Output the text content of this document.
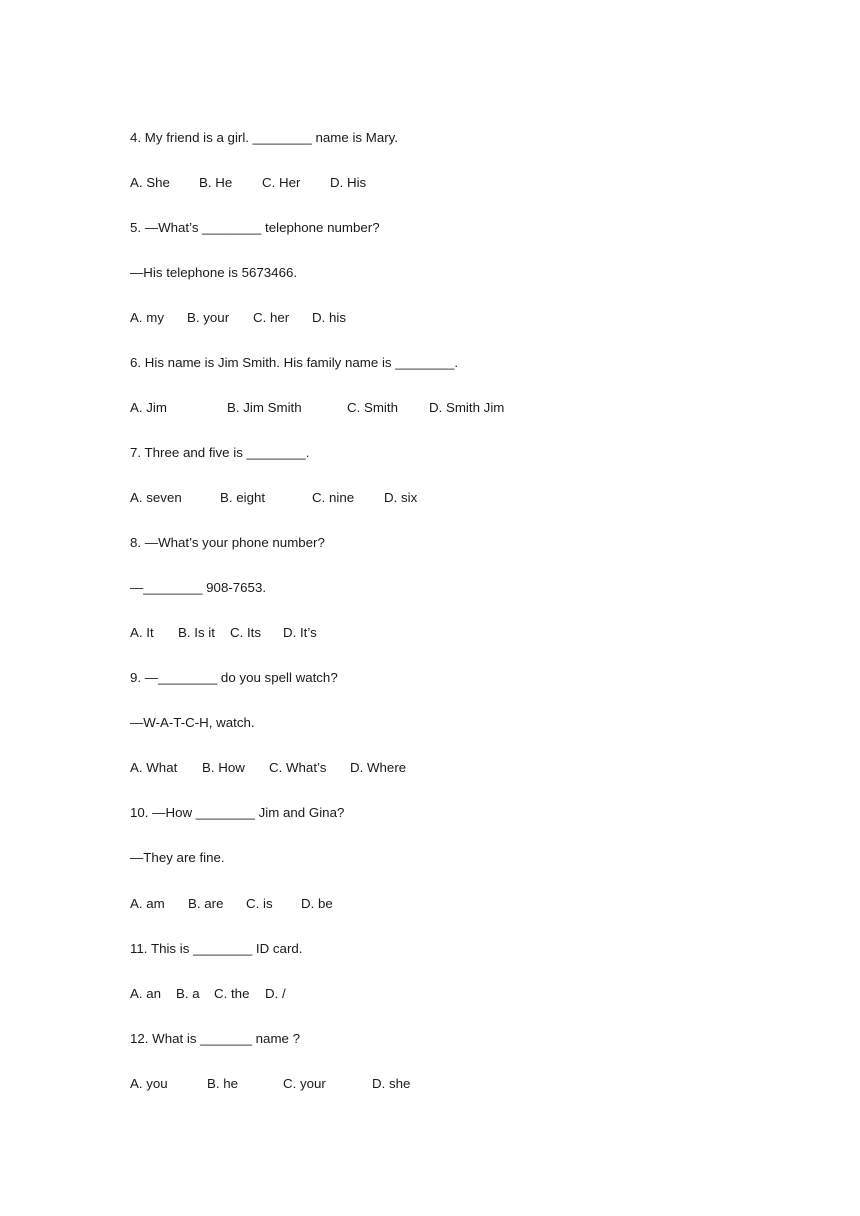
4. My friend is a girl. ________ name is Mary.
A. She B. He C. Her D. His
5. —What’s ________ telephone number?
—His telephone is 5673466.
A. my B. your C. her D. his
6. His name is Jim Smith. His family name is ________.
A. Jim	B. Jim Smith	C. Smith D. Smith Jim
7. Three and five is ________.
A. seven	B. eight	C. nine D. six
8. —What’s your phone number?
—________ 908-7653.
A. It B. Is it C. Its D. It’s
9. —________ do you spell watch?
—W-A-T-C-H, watch.
A. What B. How C. What’s D. Where
10. —How ________ Jim and Gina?
—They are fine.
A. am B. are C. is D. be
11. This is ________ ID card.
A. an B. a C. the D. /
12. What is _______ name ?
A. you	B. he	C. your	D. she
